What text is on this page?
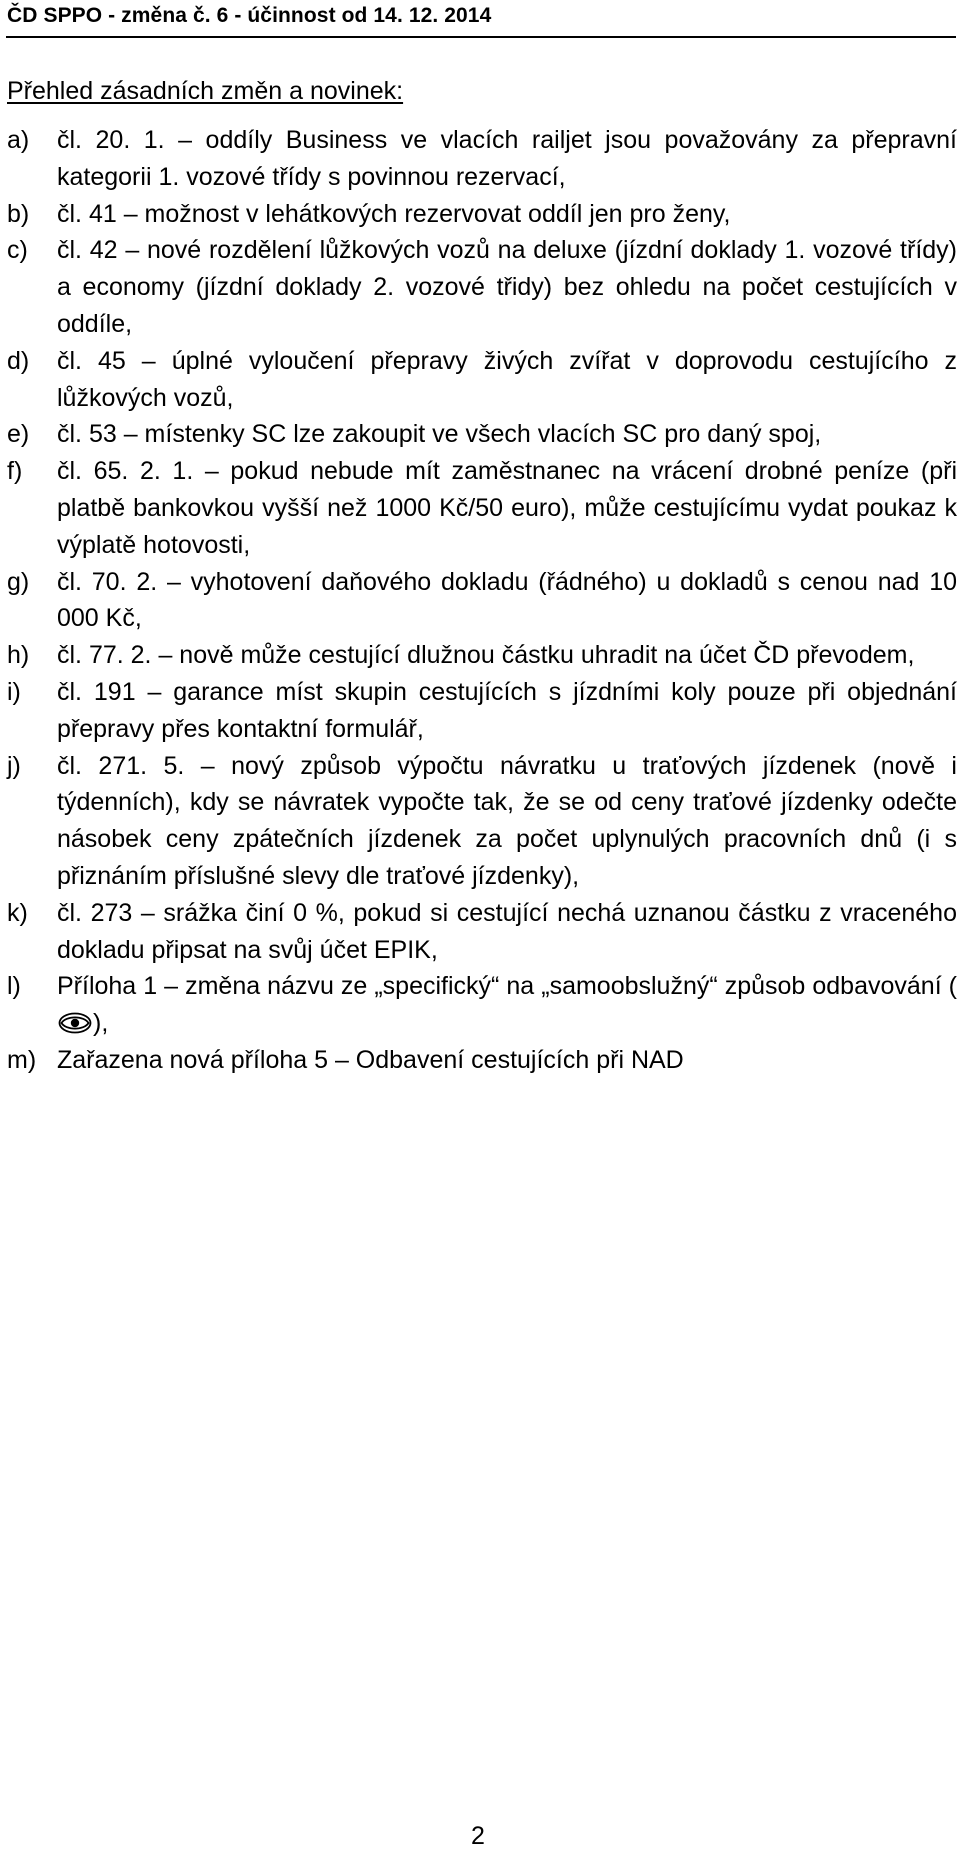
ČD SPPO - změna č. 6 - účinnost od 14. 12. 2014
Přehled zásadních změn a novinek:
a) čl. 20. 1. – oddíly Business ve vlacích railjet jsou považovány za přepravní kategorii 1. vozové třídy s povinnou rezervací,
b) čl. 41 – možnost v lehátkových rezervovat oddíl jen pro ženy,
c) čl. 42 – nové rozdělení lůžkových vozů na deluxe (jízdní doklady 1. vozové třídy) a economy (jízdní doklady 2. vozové třidy) bez ohledu na počet cestujících v oddíle,
d) čl. 45 – úplné vyloučení přepravy živých zvířat v doprovodu cestujícího z lůžkových vozů,
e) čl. 53 – místenky SC lze zakoupit ve všech vlacích SC pro daný spoj,
f) čl. 65. 2. 1. – pokud nebude mít zaměstnanec na vrácení drobné peníze (při platbě bankovkou vyšší než 1000 Kč/50 euro), může cestujícímu vydat poukaz k výplatě hotovosti,
g) čl. 70. 2. – vyhotovení daňového dokladu (řádného) u dokladů s cenou nad 10 000 Kč,
h) čl. 77. 2. – nově může cestující dlužnou částku uhradit na účet ČD převodem,
i) čl. 191 – garance míst skupin cestujících s jízdními koly pouze při objednání přepravy přes kontaktní formulář,
j) čl. 271. 5. – nový způsob výpočtu návratku u traťových jízdenek (nově i týdenních), kdy se návratek vypočte tak, že se od ceny traťové jízdenky odečte násobek ceny zpátečních jízdenek za počet uplynulých pracovních dnů (i s přiznáním příslušné slevy dle traťové jízdenky),
k) čl. 273 – srážka činí 0 %, pokud si cestující nechá uznanou částku z vraceného dokladu připsat na svůj účet EPIK,
l) Příloha 1 – změna názvu ze „specifický“ na „samoobslužný“ způsob odbavování (),
m) Zařazena nová příloha 5 – Odbavení cestujících při NAD
2
